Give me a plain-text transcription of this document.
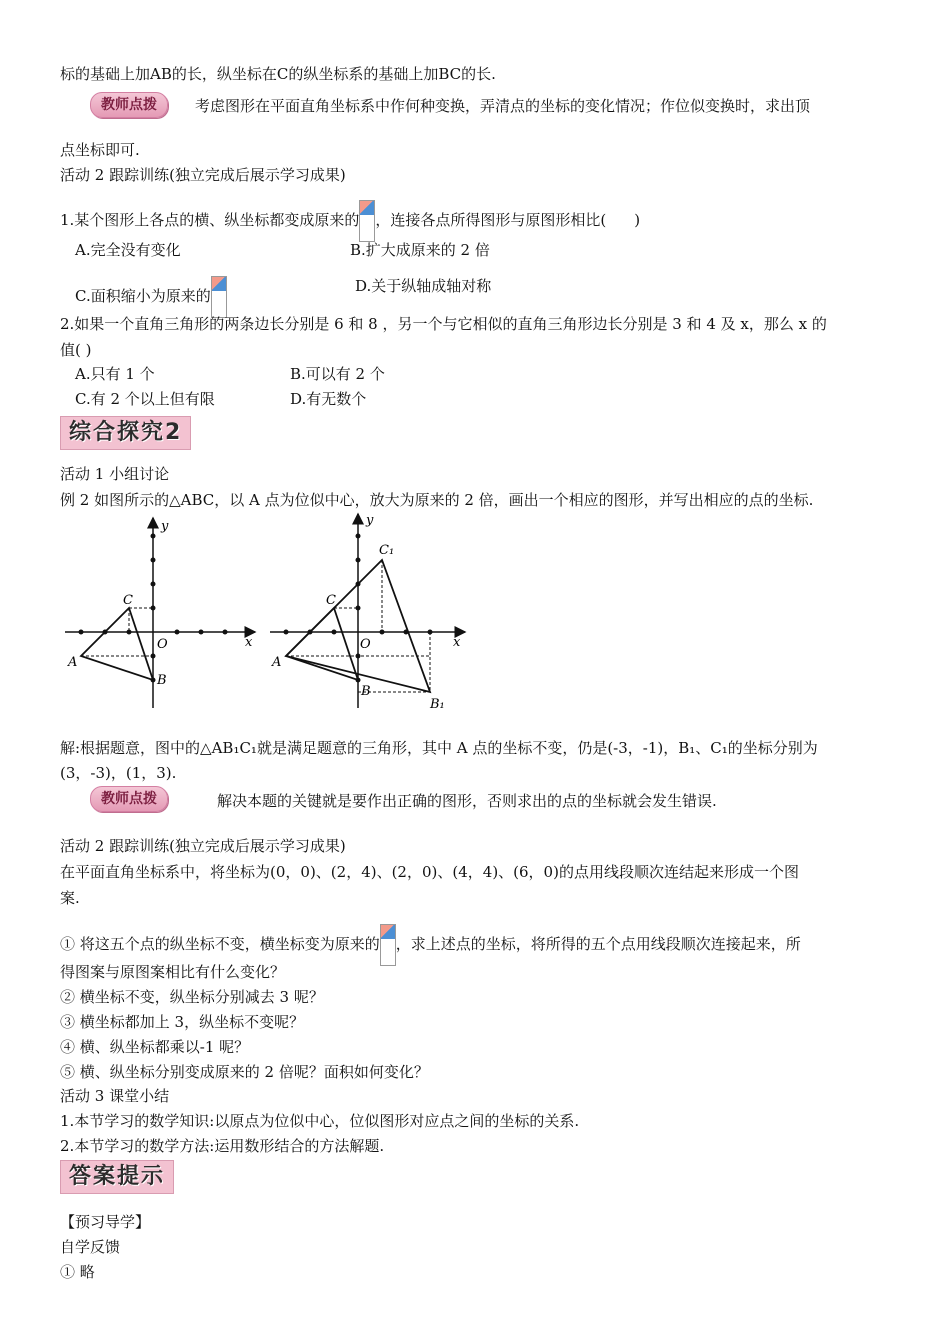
标的基础上加AB的长，纵坐标在C的纵坐标系的基础上加BC的长.
教师点拨	考虑图形在平面直角坐标系中作何种变换，弄清点的坐标的变化情况；作位似变换时，求出顶
点坐标即可.
活动 2 跟踪训练(独立完成后展示学习成果)
1.某个图形上各点的横、纵坐标都变成原来的 ，连接各点所得图形与原图形相比( )
A.完全没有变化	B.扩大成原来的 2 倍
C.面积缩小为原来的
D.关于纵轴成轴对称
2.如果一个直角三角形的两条边长分别是 6 和 8 ，另一个与它相似的直角三角形边长分别是 3 和 4 及 x，那么 x 的
值( )
A.只有 1 个	B.可以有 2 个
C.有 2 个以上但有限	D.有无数个
综合探究2
活动 1 小组讨论
例 2 如图所示的△ABC，以 A 点为位似中心，放大为原来的 2 倍，画出一个相应的图形，并写出相应的点的坐标.
y
x
O
A
B
C
y
x
O
A
B
C
B₁
C₁
解:根据题意，图中的△AB₁C₁就是满足题意的三角形，其中 A 点的坐标不变，仍是(-3，-1)，B₁、C₁的坐标分别为
(3，-3)，(1，3).
教师点拨	解决本题的关键就是要作出正确的图形，否则求出的点的坐标就会发生错误.
活动 2 跟踪训练(独立完成后展示学习成果)
在平面直角坐标系中，将坐标为(0，0)、(2，4)、(2，0)、(4，4)、(6，0)的点用线段顺次连结起来形成一个图
案.
① 将这五个点的纵坐标不变，横坐标变为原来的 ，求上述点的坐标，将所得的五个点用线段顺次连接起来，所
得图案与原图案相比有什么变化？
② 横坐标不变，纵坐标分别减去 3 呢？
③ 横坐标都加上 3，纵坐标不变呢？
④ 横、纵坐标都乘以-1 呢？
⑤ 横、纵坐标分别变成原来的 2 倍呢？面积如何变化？
活动 3 课堂小结
1.本节学习的数学知识:以原点为位似中心，位似图形对应点之间的坐标的关系.
2.本节学习的数学方法:运用数形结合的方法解题.
答案提示
【预习导学】
自学反馈
① 略
